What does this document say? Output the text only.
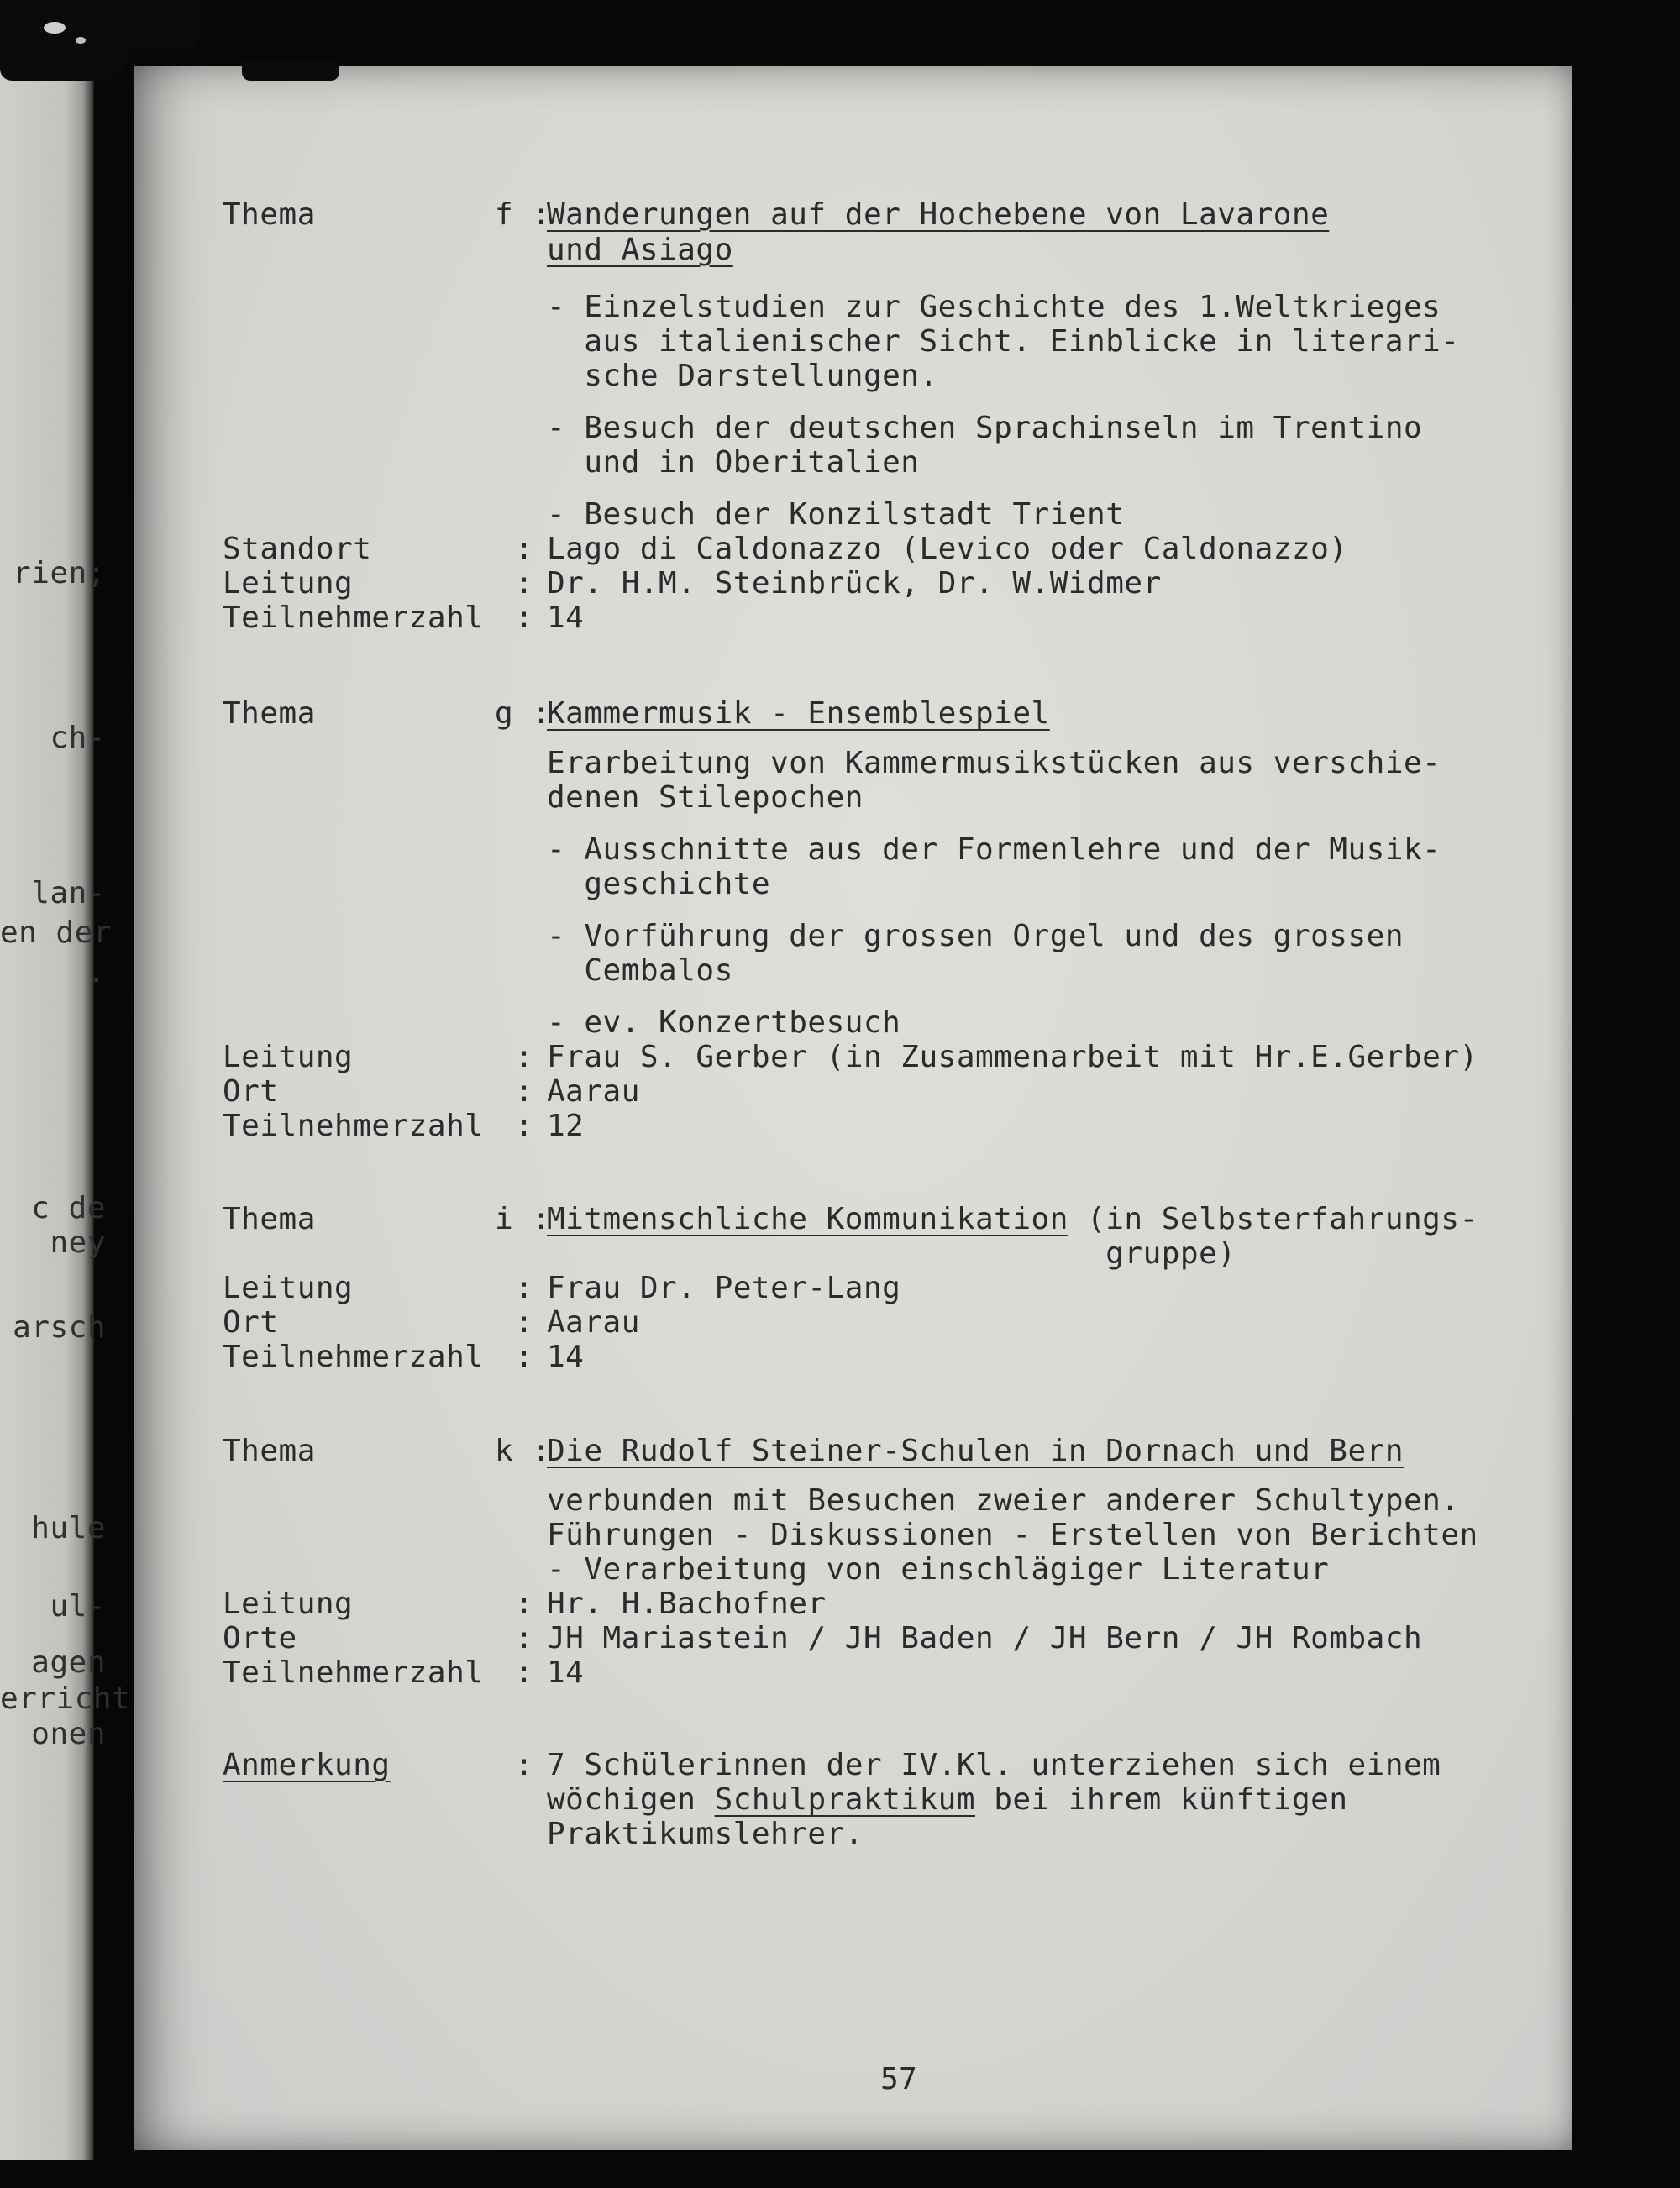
rien;
ch-
lan-
en der
.
c de
ney
arsch
hule
ul-
agen
erricht
onen
Thema	f :
Wanderungen auf der Hochebene von Lavarone
und Asiago
- Einzelstudien zur Geschichte des 1.Weltkrieges
aus italienischer Sicht. Einblicke in literari-
sche Darstellungen.
- Besuch der deutschen Sprachinseln im Trentino
und in Oberitalien
- Besuch der Konzilstadt Trient
Standort	: Lago di Caldonazzo (Levico oder Caldonazzo)
Leitung	: Dr. H.M. Steinbrück, Dr. W.Widmer
Teilnehmerzahl : 14
Thema	g :
Kammermusik - Ensemblespiel
Erarbeitung von Kammermusikstücken aus verschie-
denen Stilepochen
- Ausschnitte aus der Formenlehre und der Musik-
geschichte
- Vorführung der grossen Orgel und des grossen
Cembalos
- ev. Konzertbesuch
Leitung	: Frau S. Gerber (in Zusammenarbeit mit Hr.E.Gerber)
Ort	: Aarau
Teilnehmerzahl : 12
Thema	i :
Mitmenschliche Kommunikation (in Selbsterfahrungs-
gruppe)
Leitung	: Frau Dr. Peter-Lang
Ort	: Aarau
Teilnehmerzahl : 14
Thema	k :
Die Rudolf Steiner-Schulen in Dornach und Bern
verbunden mit Besuchen zweier anderer Schultypen.
Führungen - Diskussionen - Erstellen von Berichten
- Verarbeitung von einschlägiger Literatur
Leitung	: Hr. H.Bachofner
Orte	: JH Mariastein / JH Baden / JH Bern / JH Rombach
Teilnehmerzahl : 14
Anmerkung	: 7 Schülerinnen der IV.Kl. unterziehen sich einem
wöchigen Schulpraktikum bei ihrem künftigen
Praktikumslehrer.
57
